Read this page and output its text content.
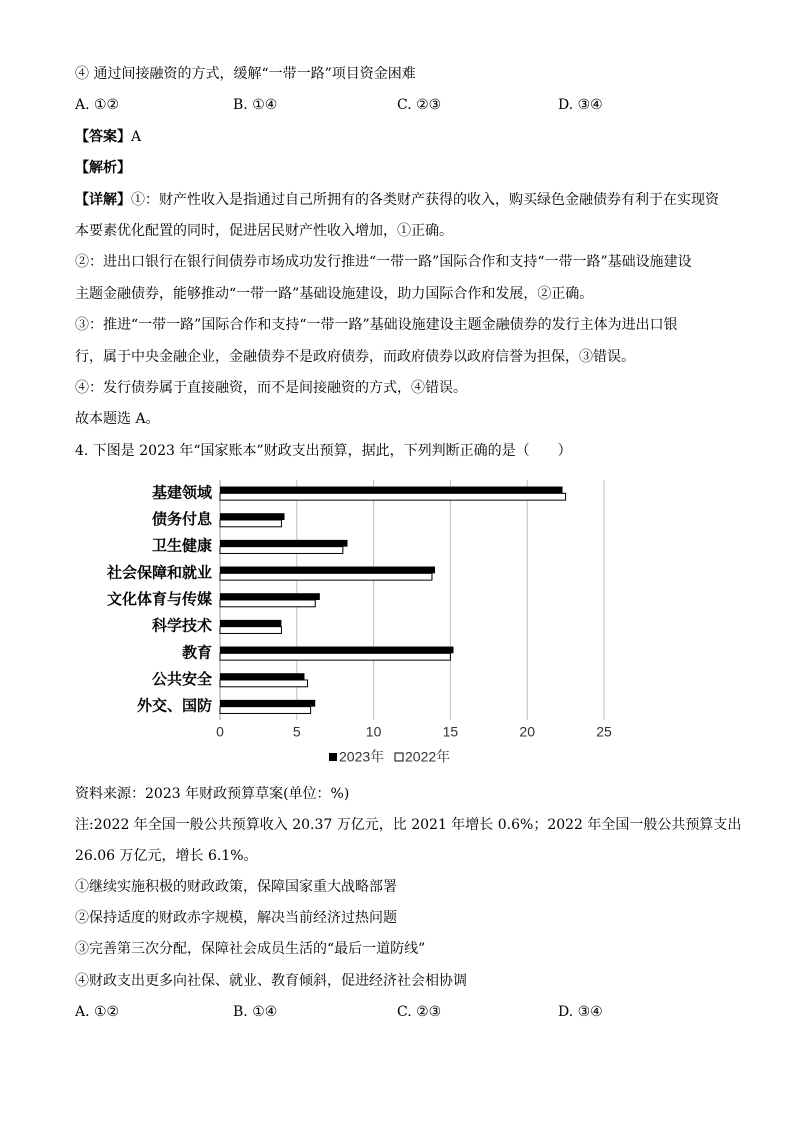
④ 通过间接融资的方式，缓解“一带一路”项目资金困难
A. ①②	B. ①④	C. ②③	D. ③④
【答案】A
【解析】
【详解】①：财产性收入是指通过自己所拥有的各类财产获得的收入，购买绿色金融债券有利于在实现资
本要素优化配置的同时，促进居民财产性收入增加，①正确。
②：进出口银行在银行间债券市场成功发行推进“一带一路”国际合作和支持“一带一路”基础设施建设
主题金融债券，能够推动“一带一路”基础设施建设，助力国际合作和发展，②正确。
③：推进“一带一路”国际合作和支持“一带一路”基础设施建设主题金融债券的发行主体为进出口银
行，属于中央金融企业，金融债券不是政府债券，而政府债券以政府信誉为担保，③错误。
④：发行债券属于直接融资，而不是间接融资的方式，④错误。
故本题选 A。
4. 下图是 2023 年“国家账本”财政支出预算，据此，下列判断正确的是（　　）
基建领域
债务付息
卫生健康
社会保障和就业
文化体育与传媒
科学技术
教育
公共安全
外交、国防
0	5	10	15	20	25
2023年 2022年
资料来源：2023 年财政预算草案(单位：%)
注:2022 年全国一般公共预算收入 20.37 万亿元，比 2021 年增长 0.6%；2022 年全国一般公共预算支出
26.06 万亿元，增长 6.1%。
①继续实施积极的财政政策，保障国家重大战略部署
②保持适度的财政赤字规模，解决当前经济过热问题
③完善第三次分配，保障社会成员生活的“最后一道防线”
④财政支出更多向社保、就业、教育倾斜，促进经济社会相协调
A. ①②	B. ①④	C. ②③	D. ③④
